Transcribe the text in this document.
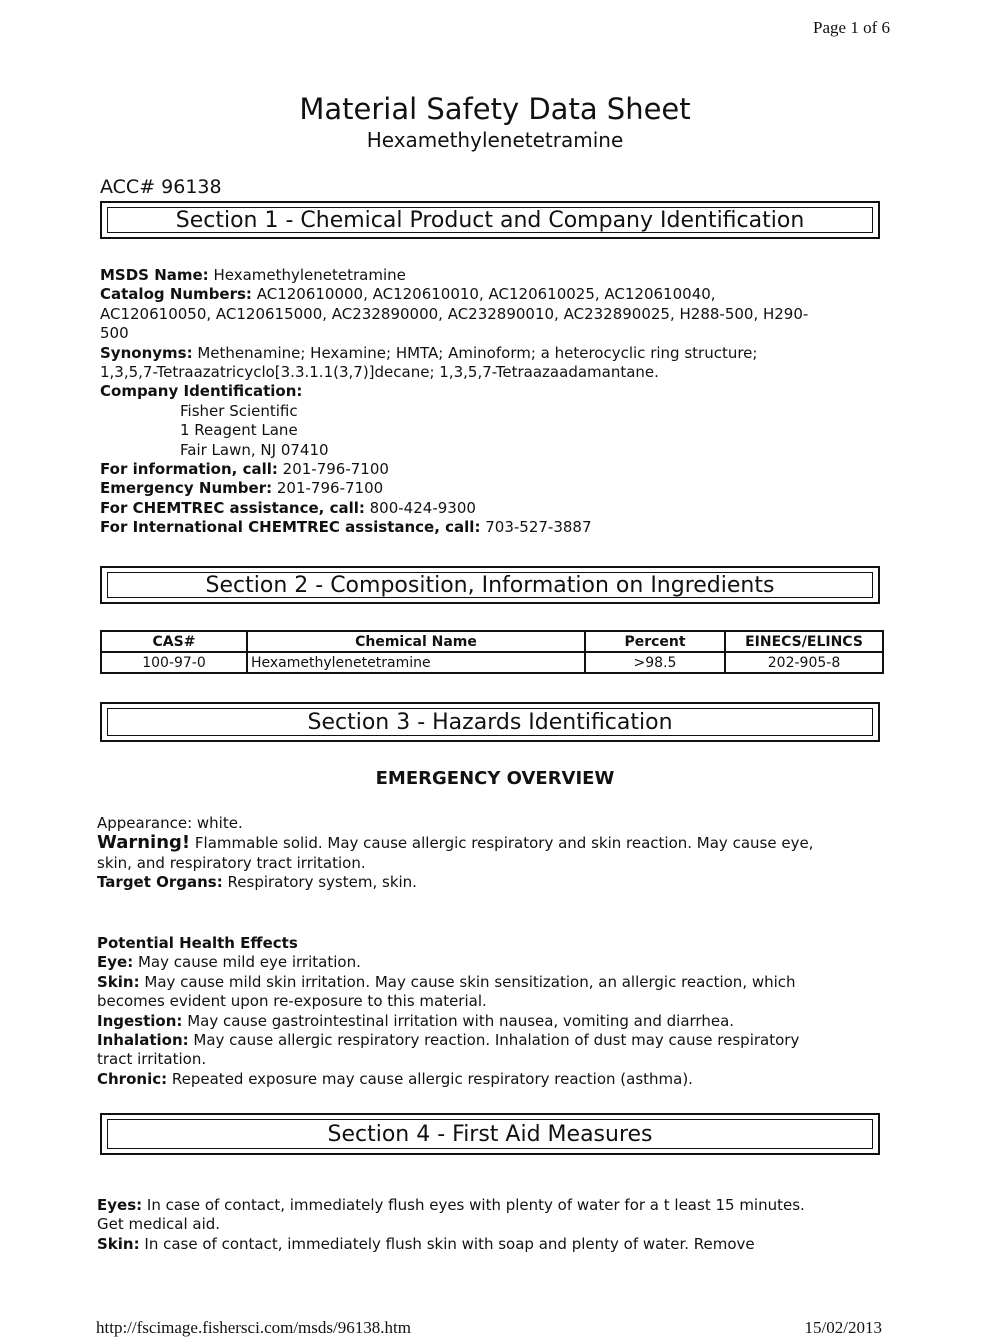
Page 1 of 6
Material Safety Data Sheet
Hexamethylenetetramine
ACC# 96138
Section 1 - Chemical Product and Company Identification
MSDS Name: Hexamethylenetetramine
Catalog Numbers: AC120610000, AC120610010, AC120610025, AC120610040,
AC120610050, AC120615000, AC232890000, AC232890010, AC232890025, H288-500, H290-
500
Synonyms: Methenamine; Hexamine; HMTA; Aminoform; a heterocyclic ring structure;
1,3,5,7-Tetraazatricyclo[3.3.1.1(3,7)]decane; 1,3,5,7-Tetraazaadamantane.
Company Identification:
Fisher Scientific
1 Reagent Lane
Fair Lawn, NJ 07410
For information, call: 201-796-7100
Emergency Number: 201-796-7100
For CHEMTREC assistance, call: 800-424-9300
For International CHEMTREC assistance, call: 703-527-3887
Section 2 - Composition, Information on Ingredients
CAS#	Chemical Name	Percent	EINECS/ELINCS
100-97-0	Hexamethylenetetramine	>98.5	202-905-8
Section 3 - Hazards Identification
EMERGENCY OVERVIEW
Appearance: white.
Warning! Flammable solid. May cause allergic respiratory and skin reaction. May cause eye,
skin, and respiratory tract irritation.
Target Organs: Respiratory system, skin.
Potential Health Effects
Eye: May cause mild eye irritation.
Skin: May cause mild skin irritation. May cause skin sensitization, an allergic reaction, which
becomes evident upon re-exposure to this material.
Ingestion: May cause gastrointestinal irritation with nausea, vomiting and diarrhea.
Inhalation: May cause allergic respiratory reaction. Inhalation of dust may cause respiratory
tract irritation.
Chronic: Repeated exposure may cause allergic respiratory reaction (asthma).
Section 4 - First Aid Measures
Eyes: In case of contact, immediately flush eyes with plenty of water for a t least 15 minutes.
Get medical aid.
Skin: In case of contact, immediately flush skin with soap and plenty of water. Remove
http://fscimage.fishersci.com/msds/96138.htm	15/02/2013
